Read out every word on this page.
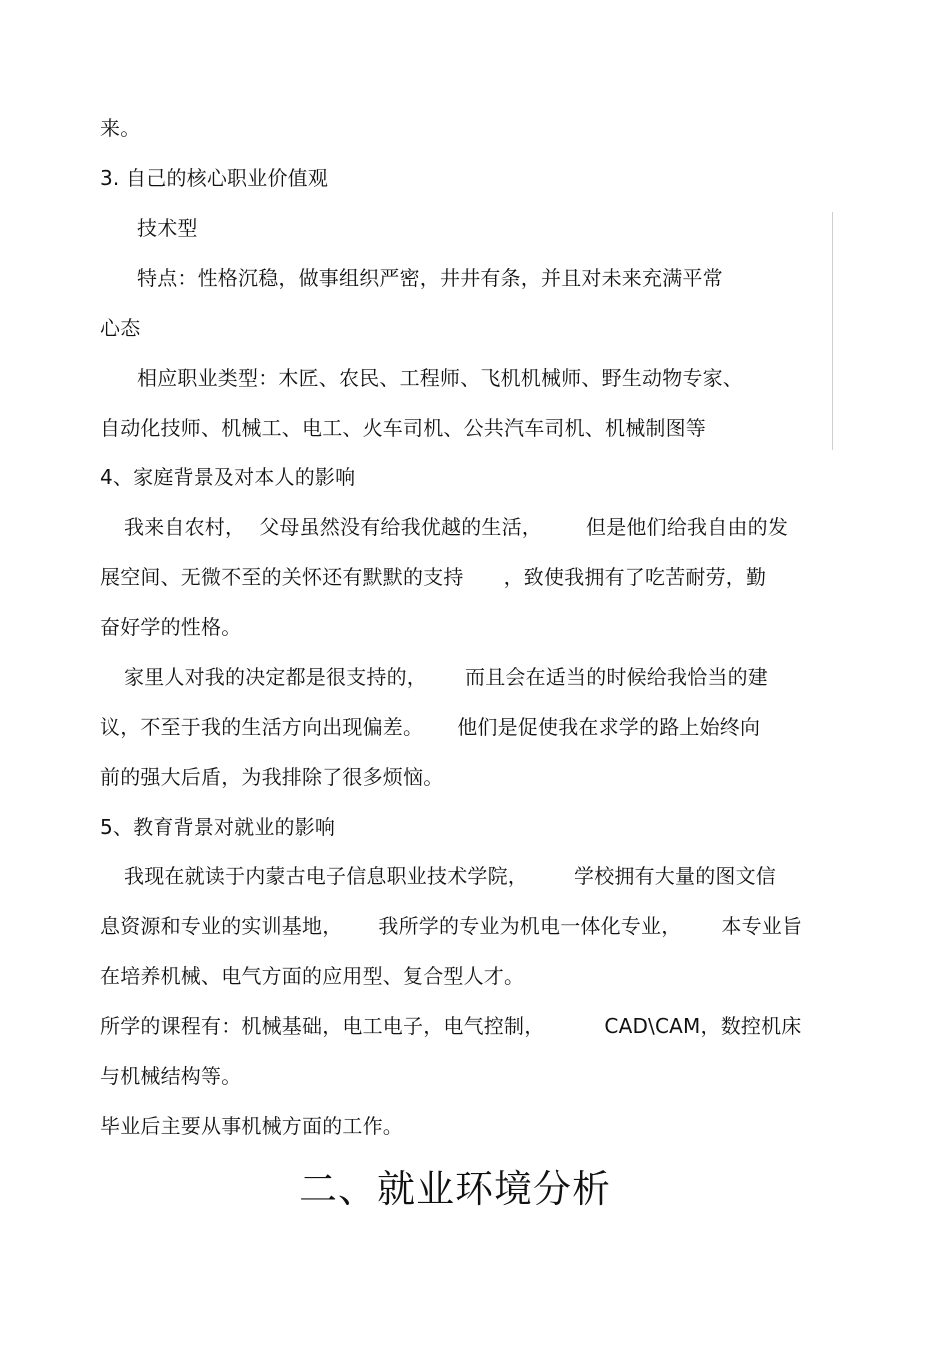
来。
3. 自己的核心职业价值观
技术型
特点：性格沉稳，做事组织严密，井井有条，并且对未来充满平常
心态
相应职业类型：木匠、农民、工程师、飞机机械师、野生动物专家、
自动化技师、机械工、电工、火车司机、公共汽车司机、机械制图等
4、家庭背景及对本人的影响
我来自农村， 父母虽然没有给我优越的生活， 但是他们给我自由的发
展空间、无微不至的关怀还有默默的支持 ，致使我拥有了吃苦耐劳，勤
奋好学的性格。
家里人对我的决定都是很支持的， 而且会在适当的时候给我恰当的建
议，不至于我的生活方向出现偏差。 他们是促使我在求学的路上始终向
前的强大后盾，为我排除了很多烦恼。
5、教育背景对就业的影响
我现在就读于内蒙古电子信息职业技术学院， 学校拥有大量的图文信
息资源和专业的实训基地， 我所学的专业为机电一体化专业， 本专业旨
在培养机械、电气方面的应用型、复合型人才。
所学的课程有：机械基础，电工电子，电气控制，	CAD\CAM，数控机床
与机械结构等。
毕业后主要从事机械方面的工作。
二、就业环境分析
